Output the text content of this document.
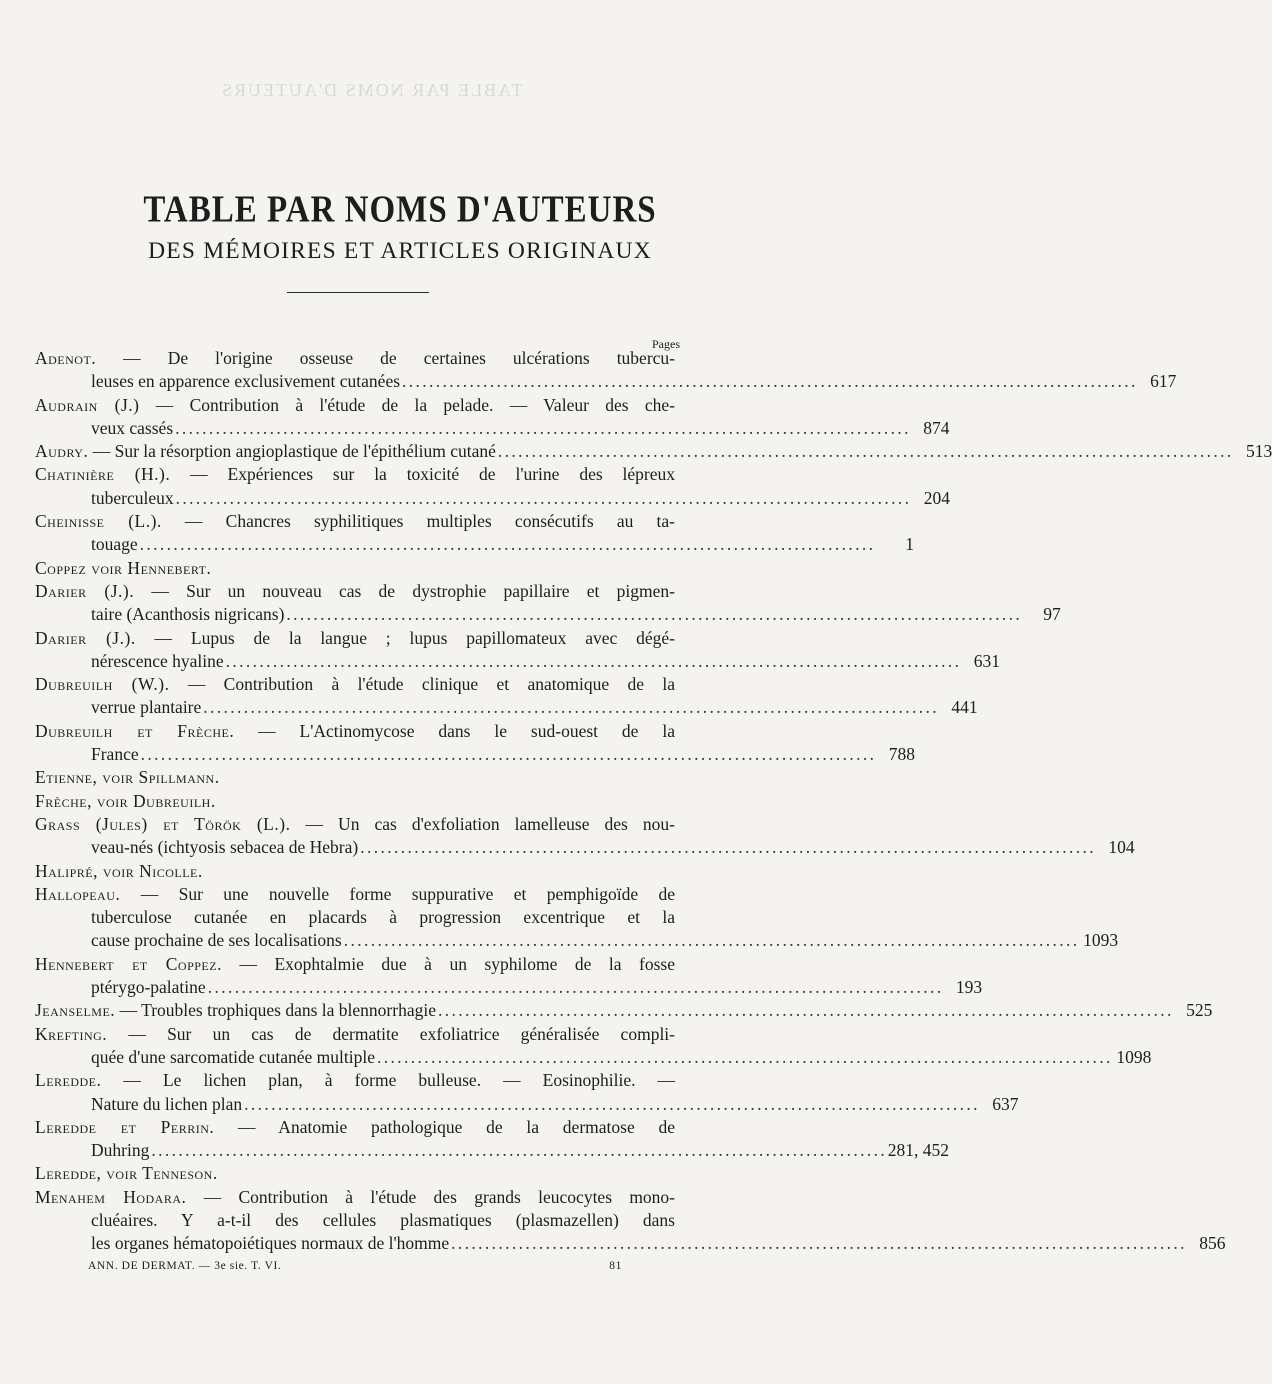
TABLE PAR NOMS D'AUTEURS
TABLE PAR NOMS D'AUTEURS
DES MÉMOIRES ET ARTICLES ORIGINAUX
Pages
Adenot. — De l'origine osseuse de certaines ulcérations tubercu-
leuses en apparence exclusivement cutanées . . .	617
Audrain (J.) — Contribution à l'étude de la pelade. — Valeur des che-
veux cassés . . .	874
Audry. — Sur la résorption angioplastique de l'épithélium cutané . . .	513
Chatinière (H.). — Expériences sur la toxicité de l'urine des lépreux
tuberculeux . . .	204
Cheinisse (L.). — Chancres syphilitiques multiples consécutifs au ta-
touage . . .	1
Coppez voir Hennebert.
Darier (J.). — Sur un nouveau cas de dystrophie papillaire et pigmen-
taire (Acanthosis nigricans) . . .	97
Darier (J.). — Lupus de la langue ; lupus papillomateux avec dégé-
nérescence hyaline . . .	631
Dubreuilh (W.). — Contribution à l'étude clinique et anatomique de la
verrue plantaire . . .	441
Dubreuilh et Frèche. — L'Actinomycose dans le sud-ouest de la
France . . .	788
Etienne, voir Spillmann.
Frèche, voir Dubreuilh.
Grass (Jules) et Török (L.). — Un cas d'exfoliation lamelleuse des nou-
veau-nés (ichtyosis sebacea de Hebra) . . .	104
Halipré, voir Nicolle.
Hallopeau. — Sur une nouvelle forme suppurative et pemphigoïde de
tuberculose cutanée en placards à progression excentrique et la
cause prochaine de ses localisations . . .	1093
Hennebert et Coppez. — Exophtalmie due à un syphilome de la fosse
ptérygo-palatine . . .	193
Jeanselme. — Troubles trophiques dans la blennorrhagie . . .	525
Krefting. — Sur un cas de dermatite exfoliatrice généralisée compli-
quée d'une sarcomatide cutanée multiple . . .	1098
Leredde. — Le lichen plan, à forme bulleuse. — Eosinophilie. —
Nature du lichen plan . . .	637
Leredde et Perrin. — Anatomie pathologique de la dermatose de
Duhring . . .	281, 452
Leredde, voir Tenneson.
Menahem Hodara. — Contribution à l'étude des grands leucocytes mono-
cluéaires. Y a-t-il des cellules plasmatiques (plasmazellen) dans
les organes hématopoiétiques normaux de l'homme . . .	856
ANN. DE DERMAT. — 3e sie. T. VI.	81
